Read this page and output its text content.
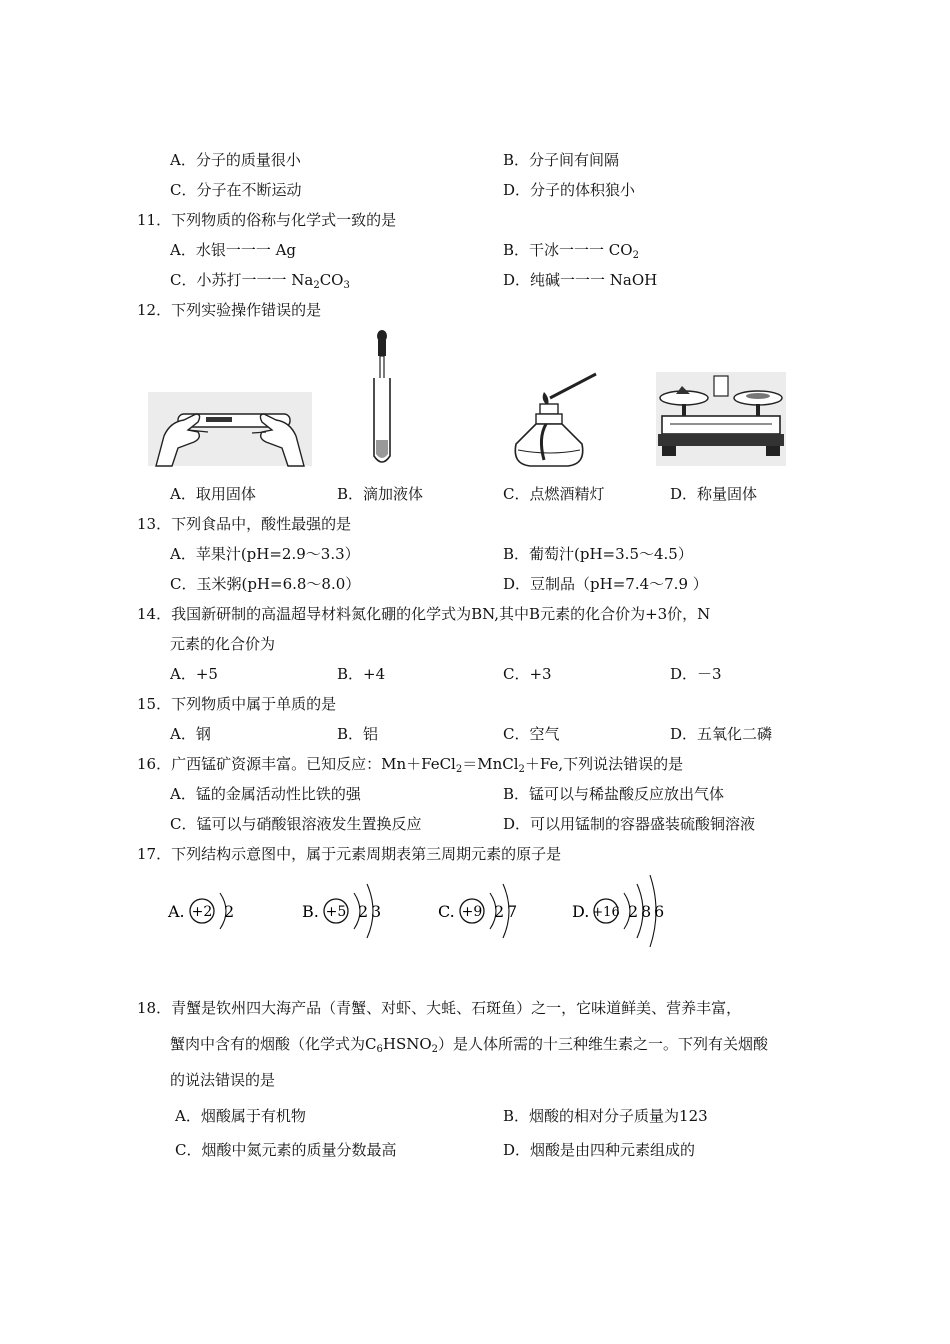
A．分子的质量很小	B．分子间有间隔
C．分子在不断运动	D．分子的体积狼小
11．下列物质的俗称与化学式一致的是
A．水银一一一 Ag	B．干冰一一一 $CO_2$
C．小苏打一一一 $Na_2CO_3$	D．纯碱一一一 NaOH
12．下列实验操作错误的是
A．取用固体	B．滴加液体	C．点燃酒精灯	D．称量固体
13．下列食品中，酸性最强的是
A．苹果汁(pH=2.9～3.3）	B．葡萄汁(pH=3.5～4.5）
C．玉米粥(pH=6.8～8.0）	D．豆制品（pH=7.4～7.9 ）
14．我国新研制的高温超导材料氮化硼的化学式为BN,其中B元素的化合价为+3价，N
元素的化合价为
A．+5	B．+4	C．+3	D．－3
15．下列物质中属于单质的是
A．钢	B．铝	C．空气	D．五氧化二磷
16．广西锰矿资源丰富。已知反应：Mn＋FeCl$_2$＝MnCl$_2$＋Fe,下列说法错误的是
A．锰的金属活动性比铁的强	B．锰可以与稀盐酸反应放出气体
C．锰可以与硝酸银溶液发生置换反应	D．可以用锰制的容器盛装硫酸铜溶液
17．下列结构示意图中，属于元素周期表第三周期元素的原子是
A. +2 2	B. +5 2 3	C. +9 2 7	D. +16 2 8 6
18．青蟹是钦州四大海产品（青蟹、对虾、大蚝、石斑鱼）之一，它味道鲜美、营养丰富，
蟹肉中含有的烟酸（化学式为$C_6HSNO_2$）是人体所需的十三种维生素之一。下列有关烟酸
的说法错误的是
A．烟酸属于有机物	B．烟酸的相对分子质量为123
C．烟酸中氮元素的质量分数最高	D．烟酸是由四种元素组成的
